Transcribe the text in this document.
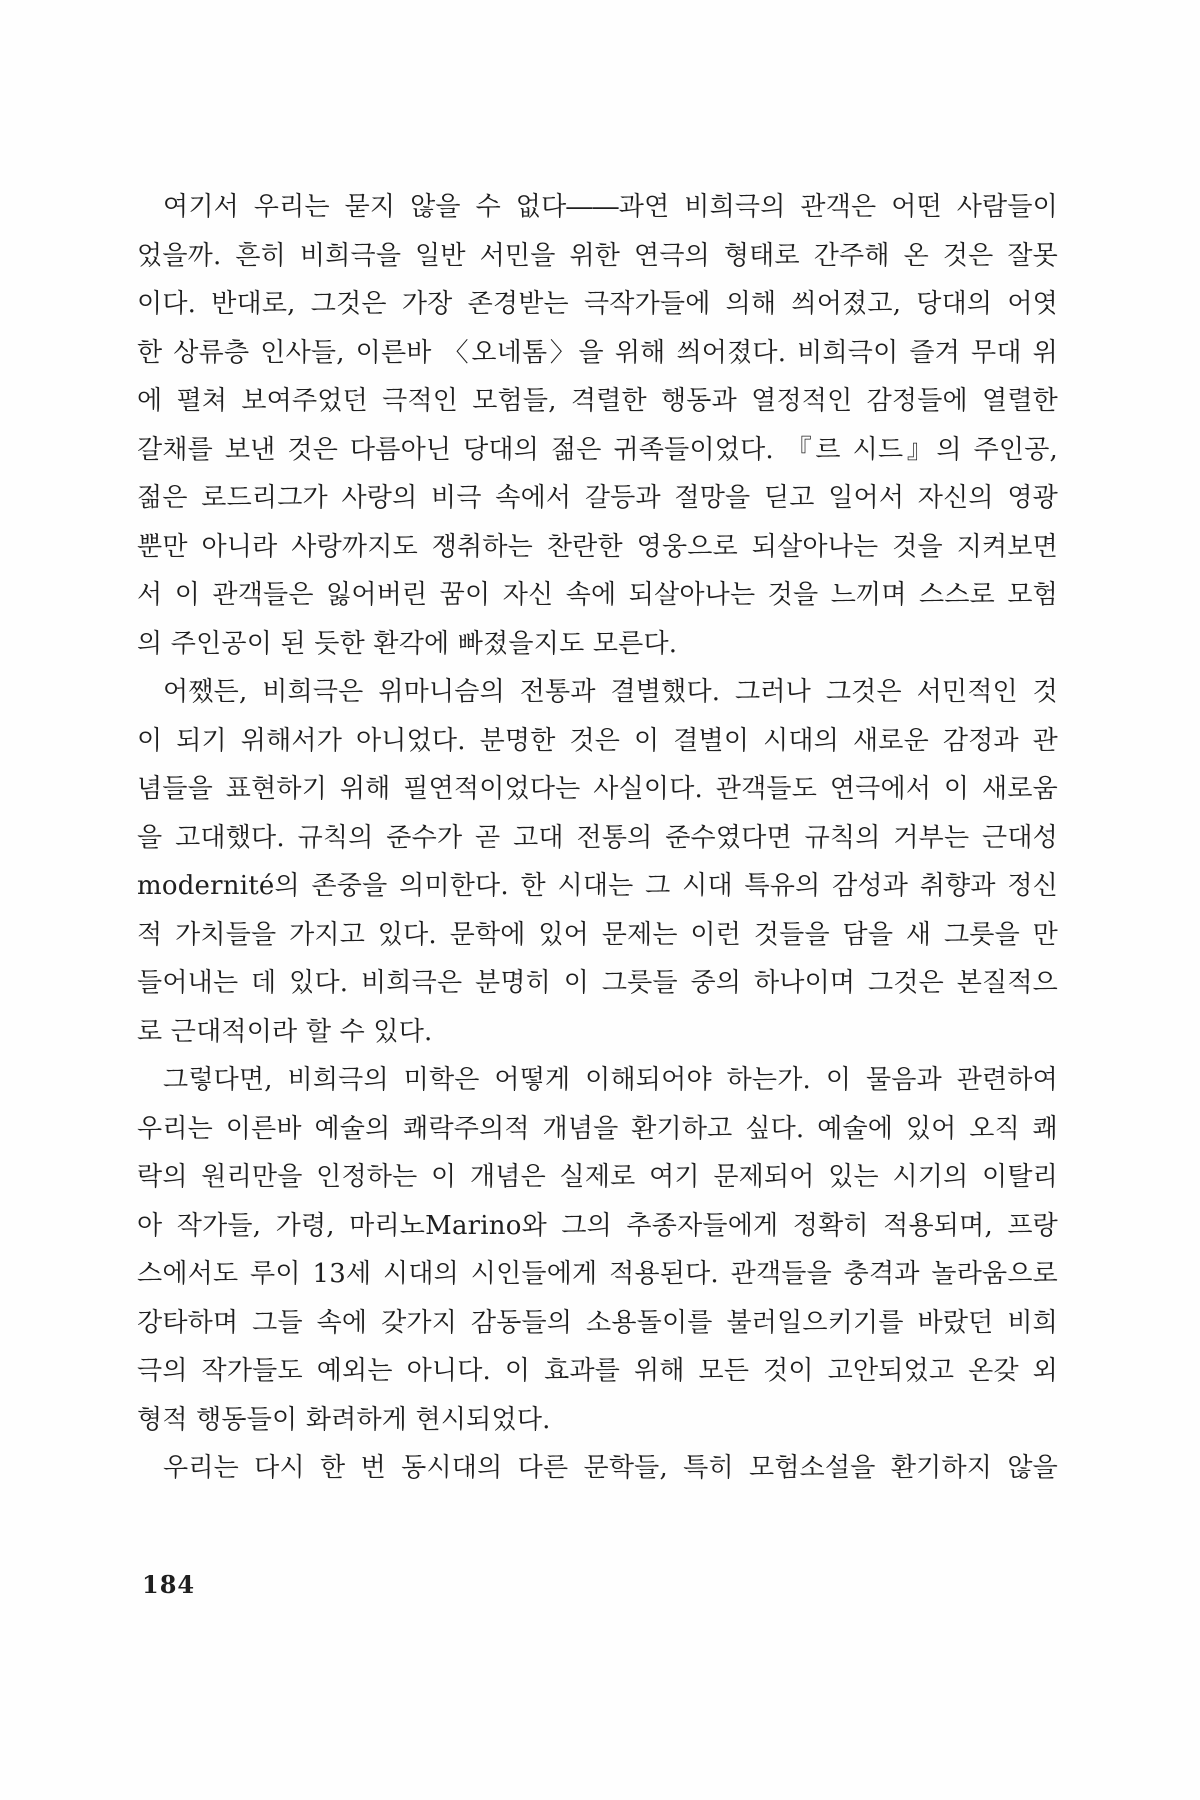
여기서 우리는 묻지 않을 수 없다――과연 비희극의 관객은 어떤 사람들이
었을까. 흔히 비희극을 일반 서민을 위한 연극의 형태로 간주해 온 것은 잘못
이다. 반대로, 그것은 가장 존경받는 극작가들에 의해 씌어졌고, 당대의 어엿
한 상류층 인사들, 이른바 〈오네톰〉을 위해 씌어졌다. 비희극이 즐겨 무대 위
에 펼쳐 보여주었던 극적인 모험들, 격렬한 행동과 열정적인 감정들에 열렬한
갈채를 보낸 것은 다름아닌 당대의 젊은 귀족들이었다. 『르 시드』의 주인공,
젊은 로드리그가 사랑의 비극 속에서 갈등과 절망을 딛고 일어서 자신의 영광
뿐만 아니라 사랑까지도 쟁취하는 찬란한 영웅으로 되살아나는 것을 지켜보면
서 이 관객들은 잃어버린 꿈이 자신 속에 되살아나는 것을 느끼며 스스로 모험
의 주인공이 된 듯한 환각에 빠졌을지도 모른다.
어쨌든, 비희극은 위마니슴의 전통과 결별했다. 그러나 그것은 서민적인 것
이 되기 위해서가 아니었다. 분명한 것은 이 결별이 시대의 새로운 감정과 관
념들을 표현하기 위해 필연적이었다는 사실이다. 관객들도 연극에서 이 새로움
을 고대했다. 규칙의 준수가 곧 고대 전통의 준수였다면 규칙의 거부는 근대성
modernité의 존중을 의미한다. 한 시대는 그 시대 특유의 감성과 취향과 정신
적 가치들을 가지고 있다. 문학에 있어 문제는 이런 것들을 담을 새 그릇을 만
들어내는 데 있다. 비희극은 분명히 이 그릇들 중의 하나이며 그것은 본질적으
로 근대적이라 할 수 있다.
그렇다면, 비희극의 미학은 어떻게 이해되어야 하는가. 이 물음과 관련하여
우리는 이른바 예술의 쾌락주의적 개념을 환기하고 싶다. 예술에 있어 오직 쾌
락의 원리만을 인정하는 이 개념은 실제로 여기 문제되어 있는 시기의 이탈리
아 작가들, 가령, 마리노Marino와 그의 추종자들에게 정확히 적용되며, 프랑
스에서도 루이 13세 시대의 시인들에게 적용된다. 관객들을 충격과 놀라움으로
강타하며 그들 속에 갖가지 감동들의 소용돌이를 불러일으키기를 바랐던 비희
극의 작가들도 예외는 아니다. 이 효과를 위해 모든 것이 고안되었고 온갖 외
형적 행동들이 화려하게 현시되었다.
우리는 다시 한 번 동시대의 다른 문학들, 특히 모험소설을 환기하지 않을
184
